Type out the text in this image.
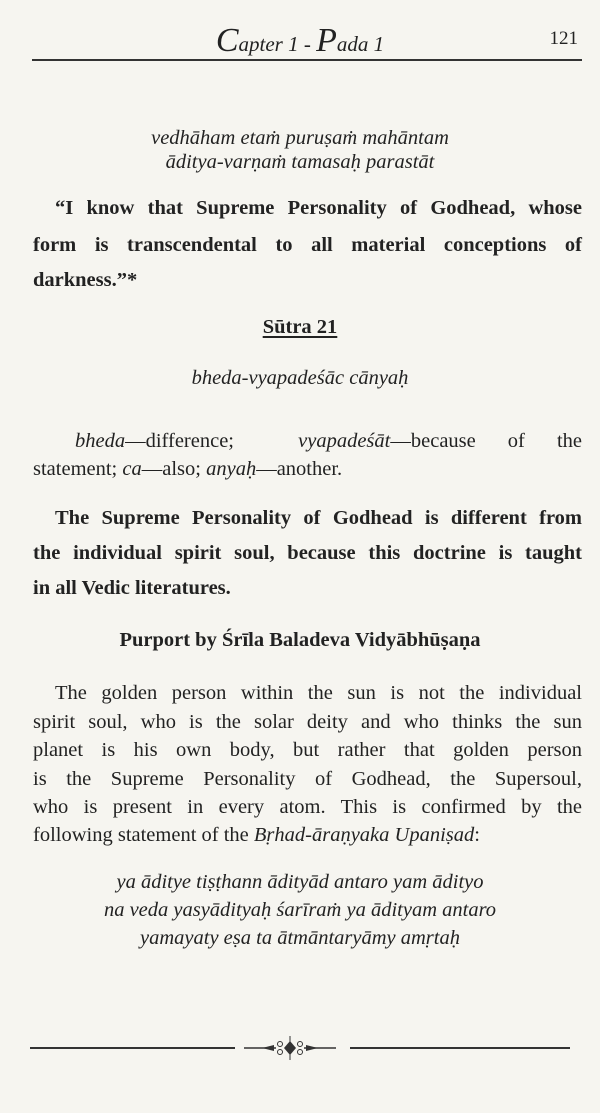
Capter 1 - Pada 1	121
vedhāham etaṁ puruṣaṁ mahāntam
āditya-varṇaṁ tamasaḥ parastāt
“I know that Supreme Personality of Godhead, whose
form is transcendental to all material conceptions of
darkness.”*
Sūtra 21
bheda-vyapadeśāc cānyaḥ
bheda—difference;  vyapadeśāt—because of the
statement; ca—also; anyaḥ—another.
The Supreme Personality of Godhead is different from
the individual spirit soul, because this doctrine is taught
in all Vedic literatures.
Purport by Śrīla Baladeva Vidyābhūṣaṇa
The golden person within the sun is not the individual
spirit soul, who is the solar deity and who thinks the sun
planet is his own body, but rather that golden person
is the Supreme Personality of Godhead, the Supersoul,
who is present in every atom. This is confirmed by the
following statement of the Bṛhad-āraṇyaka Upaniṣad:
ya āditye tiṣṭhann ādityād antaro yam ādityo
na veda yasyādityaḥ śarīraṁ ya ādityam antaro
yamayaty eṣa ta ātmāntaryāmy amṛtaḥ
